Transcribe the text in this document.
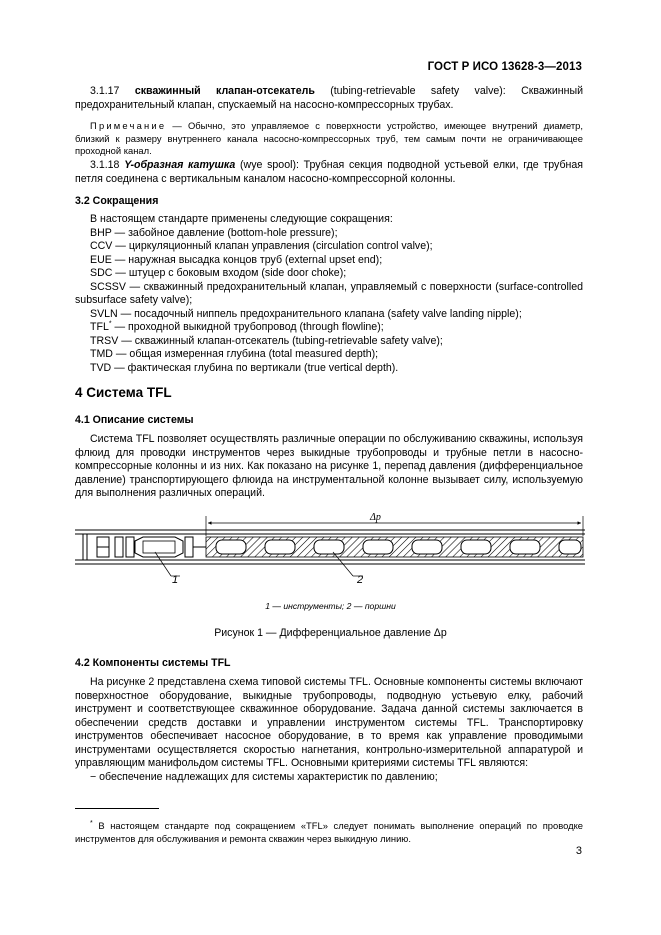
ГОСТ Р ИСО 13628-3—2013

3.1.17 скважинный клапан-отсекатель (tubing-retrievable safety valve): Скважинный предохранительный клапан, спускаемый на насосно-компрессорных трубах.

Примечание — Обычно, это управляемое с поверхности устройство, имеющее внутрений диаметр, близкий к размеру внутреннего канала насосно-компрессорных труб, тем самым почти не ограничивающее проходной канал.

3.1.18 Y-образная катушка (wye spool): Трубная секция подводной устьевой елки, где трубная петля соединена с вертикальным каналом насосно-компрессорной колонны.

3.2 Сокращения

В настоящем стандарте применены следующие сокращения:

BHP — забойное давление (bottom-hole pressure);

CCV — циркуляционный клапан управления (circulation control valve);

EUE — наружная высадка концов труб (external upset end);

SDC — штуцер с боковым входом (side door choke);

SCSSV — скважинный предохранительный клапан, управляемый с поверхности (surface-controlled subsurface safety valve);

SVLN — посадочный ниппель предохранительного клапана (safety valve landing nipple);

TFL* — проходной выкидной трубопровод (through flowline);

TRSV — скважинный клапан-отсекатель (tubing-retrievable safety valve);

TMD — общая измеренная глубина (total measured depth);

TVD — фактическая глубина по вертикали (true vertical depth).

4 Система TFL
4.1 Описание системы

Система TFL позволяет осуществлять различные операции по обслуживанию скважины, используя флюид для проводки инструментов через выкидные трубопроводы и трубные петли в насосно-компрессорные колонны и из них. Как показано на рисунке 1, перепад давления (дифференциальное давление) транспортирующего флюида на инструментальной колонне вызывает силу, используемую для выполнения различных операций.

Δp
1	2
1 — инструменты; 2 — поршни
Рисунок 1 — Дифференциальное давление Δp
4.2 Компоненты системы TFL

На рисунке 2 представлена схема типовой системы TFL. Основные компоненты системы включают поверхностное оборудование, выкидные трубопроводы, подводную устьевую елку, рабочий инструмент и соответствующее скважинное оборудование. Задача данной системы заключается в обеспечении средств доставки и управлении инструментом системы TFL. Транспортировку инструментов обеспечивает насосное оборудование, в то время как управление проводимыми инструментами осуществляется скоростью нагнетания, контрольно-измерительной аппаратурой и управляющим манифольдом системы TFL. Основными критериями системы TFL являются:

− обеспечение надлежащих для системы характеристик по давлению;

* В настоящем стандарте под сокращением «TFL» следует понимать выполнение операций по проводке инструментов для обслуживания и ремонта скважин через выкидную линию.

3
